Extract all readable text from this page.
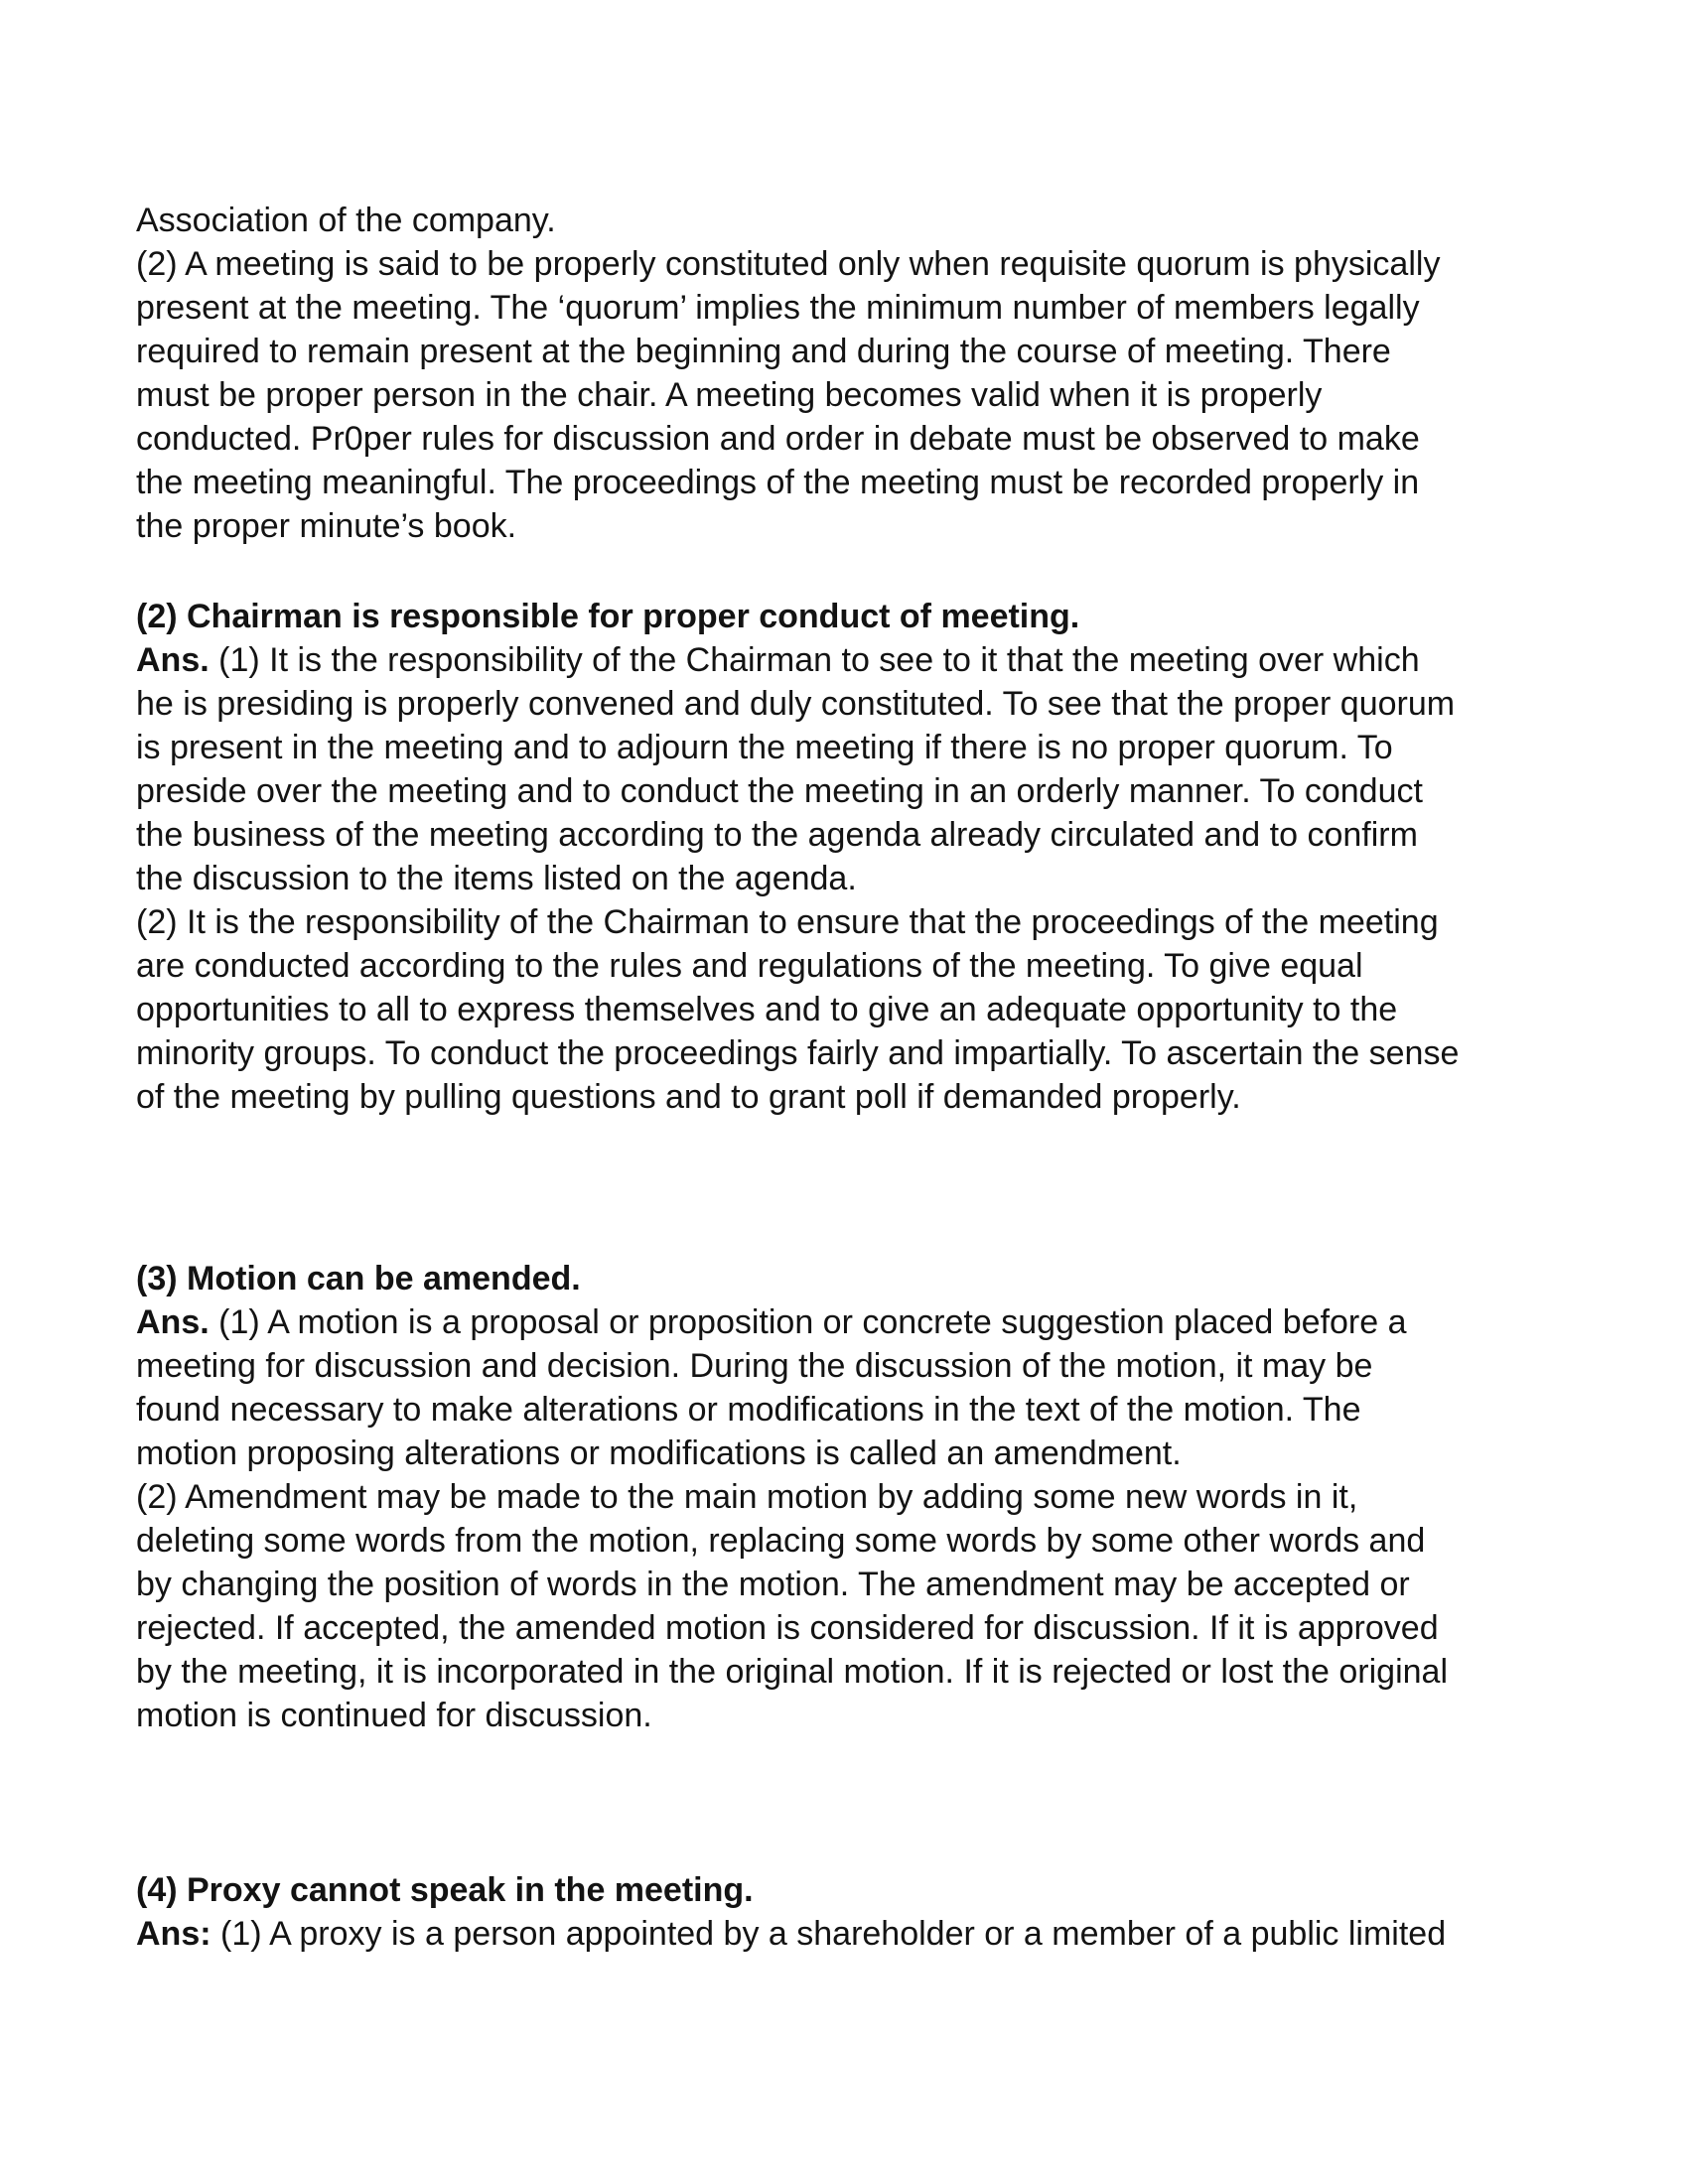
Association of the company.
(2) A meeting is said to be properly constituted only when requisite quorum is physically
present at the meeting. The ‘quorum’ implies the minimum number of members legally
required to remain present at the beginning and during the course of meeting. There
must be proper person in the chair. A meeting becomes valid when it is properly
conducted. Pr0per rules for discussion and order in debate must be observed to make
the meeting meaningful. The proceedings of the meeting must be recorded properly in
the proper minute’s book.
(2) Chairman is responsible for proper conduct of meeting.
Ans. (1) It is the responsibility of the Chairman to see to it that the meeting over which
he is presiding is properly convened and duly constituted. To see that the proper quorum
is present in the meeting and to adjourn the meeting if there is no proper quorum. To
preside over the meeting and to conduct the meeting in an orderly manner. To conduct
the business of the meeting according to the agenda already circulated and to confirm
the discussion to the items listed on the agenda.
(2) It is the responsibility of the Chairman to ensure that the proceedings of the meeting
are conducted according to the rules and regulations of the meeting. To give equal
opportunities to all to express themselves and to give an adequate opportunity to the
minority groups. To conduct the proceedings fairly and impartially. To ascertain the sense
of the meeting by pulling questions and to grant poll if demanded properly.
(3) Motion can be amended.
Ans. (1) A motion is a proposal or proposition or concrete suggestion placed before a
meeting for discussion and decision. During the discussion of the motion, it may be
found necessary to make alterations or modifications in the text of the motion. The
motion proposing alterations or modifications is called an amendment.
(2) Amendment may be made to the main motion by adding some new words in it,
deleting some words from the motion, replacing some words by some other words and
by changing the position of words in the motion. The amendment may be accepted or
rejected. If accepted, the amended motion is considered for discussion. If it is approved
by the meeting, it is incorporated in the original motion. If it is rejected or lost the original
motion is continued for discussion.
(4) Proxy cannot speak in the meeting.
Ans: (1) A proxy is a person appointed by a shareholder or a member of a public limited
